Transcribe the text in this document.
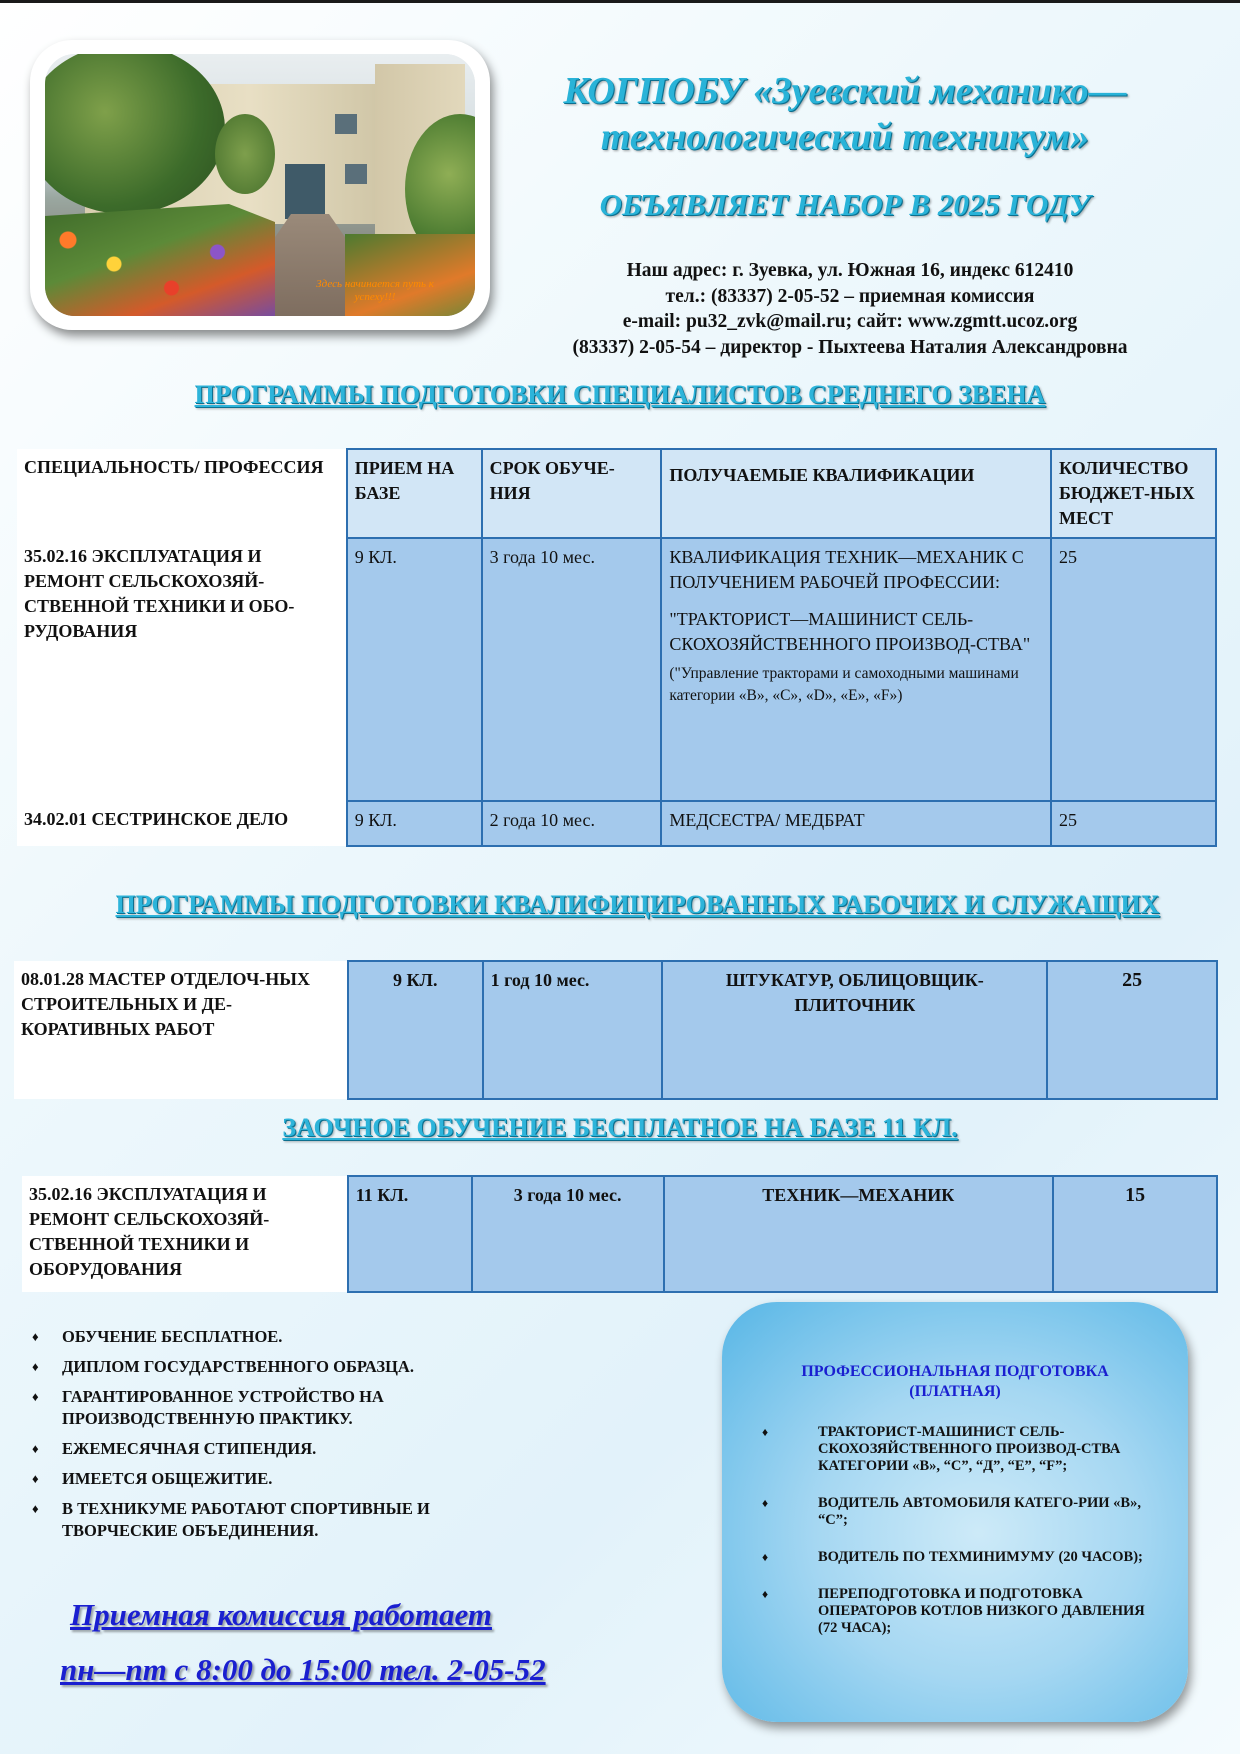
Здесь начинается путь к успеху!!!
КОГПОБУ «Зуевский механико—
технологический техникум»
ОБЪЯВЛЯЕТ НАБОР В 2025 ГОДУ
Наш адрес: г. Зуевка, ул. Южная 16, индекс 612410
тел.: (83337) 2-05-52 – приемная комиссия
e-mail: pu32_zvk@mail.ru; сайт: www.zgmtt.ucoz.org
(83337) 2-05-54 – директор - Пыхтеева Наталия Александровна
ПРОГРАММЫ ПОДГОТОВКИ СПЕЦИАЛИСТОВ СРЕДНЕГО ЗВЕНА
СПЕЦИАЛЬНОСТЬ/ ПРОФЕССИЯ	ПРИЕМ НА БАЗЕ	СРОК ОБУЧЕ-НИЯ	ПОЛУЧАЕМЫЕ КВАЛИФИКАЦИИ	КОЛИЧЕСТВО БЮДЖЕТ-НЫХ МЕСТ
35.02.16 ЭКСПЛУАТАЦИЯ И РЕМОНТ СЕЛЬСКОХОЗЯЙ-СТВЕННОЙ ТЕХНИКИ И ОБО-РУДОВАНИЯ	9 КЛ.	3 года 10 мес.	КВАЛИФИКАЦИЯ ТЕХНИК—МЕХАНИК С ПОЛУЧЕНИЕМ РАБОЧЕЙ ПРОФЕССИИ:
"ТРАКТОРИСТ—МАШИНИСТ СЕЛЬ-СКОХОЗЯЙСТВЕННОГО ПРОИЗВОД-СТВА"
("Управление тракторами и самоходными машинами категории «В», «С», «D», «Е», «F»)	25
34.02.01 СЕСТРИНСКОЕ ДЕЛО	9 КЛ.	2 года 10 мес.	МЕДСЕСТРА/ МЕДБРАТ	25
ПРОГРАММЫ ПОДГОТОВКИ КВАЛИФИЦИРОВАННЫХ РАБОЧИХ И СЛУЖАЩИХ
08.01.28 МАСТЕР ОТДЕЛОЧ-НЫХ СТРОИТЕЛЬНЫХ И ДЕ-КОРАТИВНЫХ РАБОТ	9 КЛ.	1 год 10 мес.	ШТУКАТУР, ОБЛИЦОВЩИК-ПЛИТОЧНИК	25
ЗАОЧНОЕ ОБУЧЕНИЕ БЕСПЛАТНОЕ НА БАЗЕ 11 КЛ.
35.02.16 ЭКСПЛУАТАЦИЯ И РЕМОНТ СЕЛЬСКОХОЗЯЙ-СТВЕННОЙ ТЕХНИКИ И ОБОРУДОВАНИЯ	11 КЛ.	3 года 10 мес.	ТЕХНИК—МЕХАНИК	15
♦ ОБУЧЕНИЕ БЕСПЛАТНОЕ.
♦ ДИПЛОМ ГОСУДАРСТВЕННОГО ОБРАЗЦА.
♦ ГАРАНТИРОВАННОЕ УСТРОЙСТВО НА ПРОИЗВОДСТВЕННУЮ ПРАКТИКУ.
♦ ЕЖЕМЕСЯЧНАЯ СТИПЕНДИЯ.
♦ ИМЕЕТСЯ ОБЩЕЖИТИЕ.
♦ В ТЕХНИКУМЕ РАБОТАЮТ СПОРТИВНЫЕ И ТВОРЧЕСКИЕ ОБЪЕДИНЕНИЯ.
Приемная комиссия работает
пн—пт с 8:00 до 15:00 тел. 2-05-52
ПРОФЕССИОНАЛЬНАЯ ПОДГОТОВКА (ПЛАТНАЯ)
♦	ТРАКТОРИСТ-МАШИНИСТ СЕЛЬ-СКОХОЗЯЙСТВЕННОГО ПРОИЗВОД-СТВА КАТЕГОРИИ «В», “С”, “Д”, “Е”, “F”;
♦	ВОДИТЕЛЬ АВТОМОБИЛЯ КАТЕГО-РИИ «В», “С”;
♦	ВОДИТЕЛЬ ПО ТЕХМИНИМУМУ (20 ЧАСОВ);
♦	ПЕРЕПОДГОТОВКА И ПОДГОТОВКА ОПЕРАТОРОВ КОТЛОВ НИЗКОГО ДАВЛЕНИЯ (72 ЧАСА);
